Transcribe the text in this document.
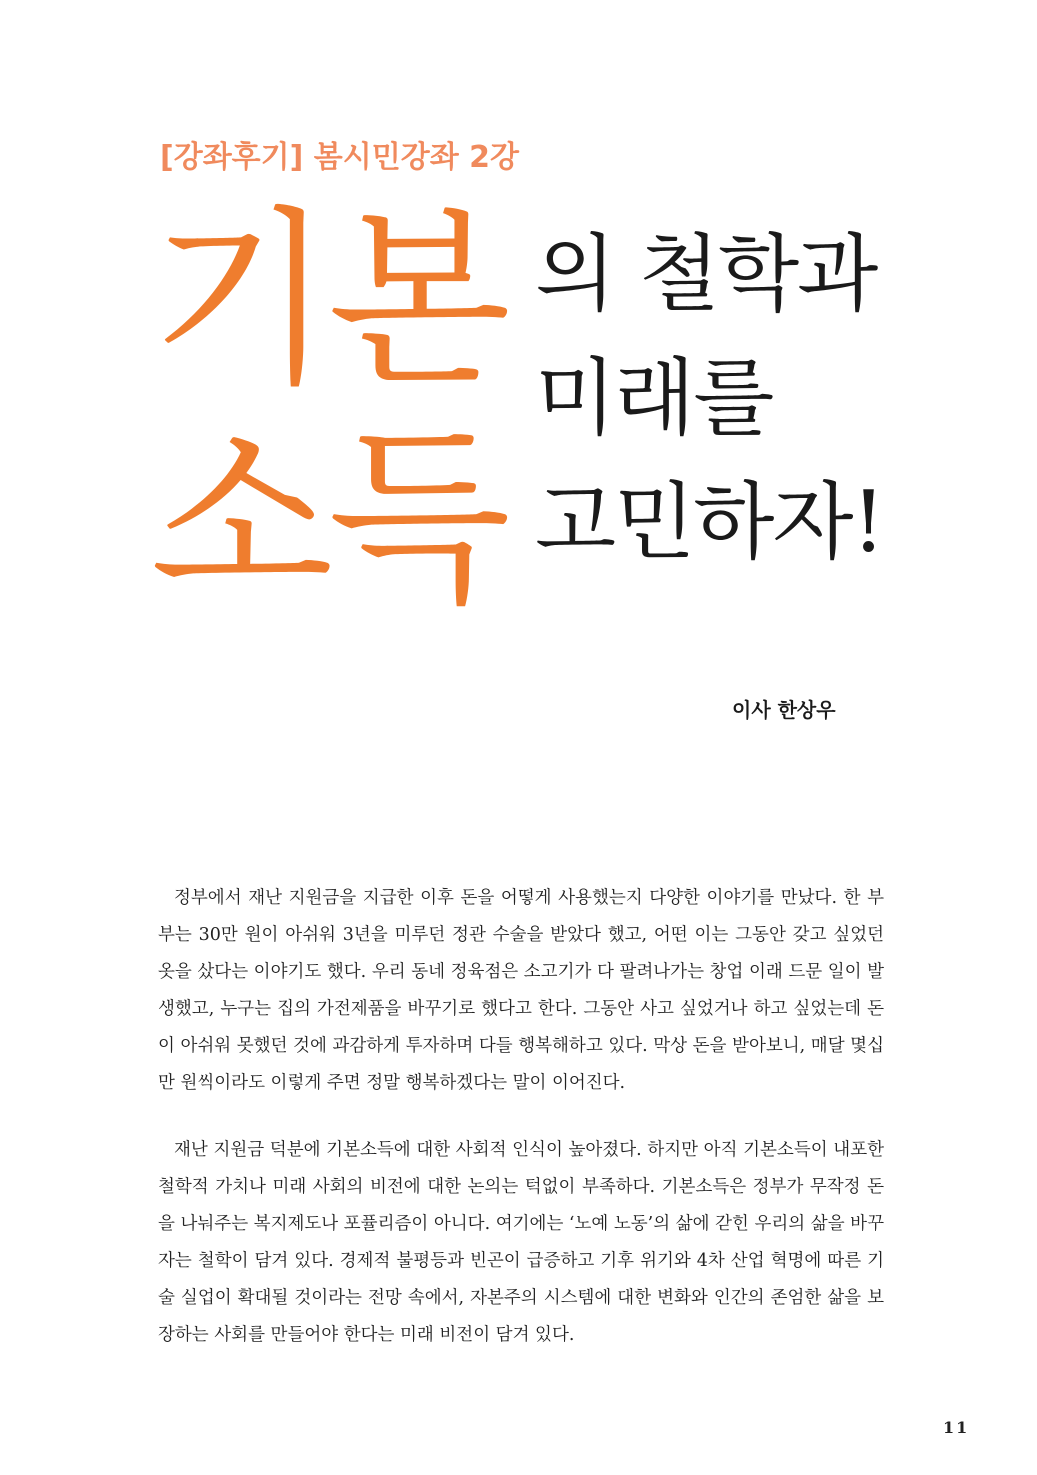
[강좌후기] 봄시민강좌 2강
기본
소득
의 철학과
미래를
고민하자!
이사 한상우

정부에서 재난 지원금을 지급한 이후 돈을 어떻게 사용했는지 다양한 이야기를 만났다. 한 부부는 30만 원이 아쉬워 3년을 미루던 정관 수술을 받았다 했고, 어떤 이는 그동안 갖고 싶었던 옷을 샀다는 이야기도 했다. 우리 동네 정육점은 소고기가 다 팔려나가는 창업 이래 드문 일이 발생했고, 누구는 집의 가전제품을 바꾸기로 했다고 한다. 그동안 사고 싶었거나 하고 싶었는데 돈이 아쉬워 못했던 것에 과감하게 투자하며 다들 행복해하고 있다. 막상 돈을 받아보니, 매달 몇십만 원씩이라도 이렇게 주면 정말 행복하겠다는 말이 이어진다.

재난 지원금 덕분에 기본소득에 대한 사회적 인식이 높아졌다. 하지만 아직 기본소득이 내포한 철학적 가치나 미래 사회의 비전에 대한 논의는 턱없이 부족하다. 기본소득은 정부가 무작정 돈을 나눠주는 복지제도나 포퓰리즘이 아니다. 여기에는 ‘노예 노동’의 삶에 갇힌 우리의 삶을 바꾸자는 철학이 담겨 있다. 경제적 불평등과 빈곤이 급증하고 기후 위기와 4차 산업 혁명에 따른 기술 실업이 확대될 것이라는 전망 속에서, 자본주의 시스템에 대한 변화와 인간의 존엄한 삶을 보장하는 사회를 만들어야 한다는 미래 비전이 담겨 있다.

11
